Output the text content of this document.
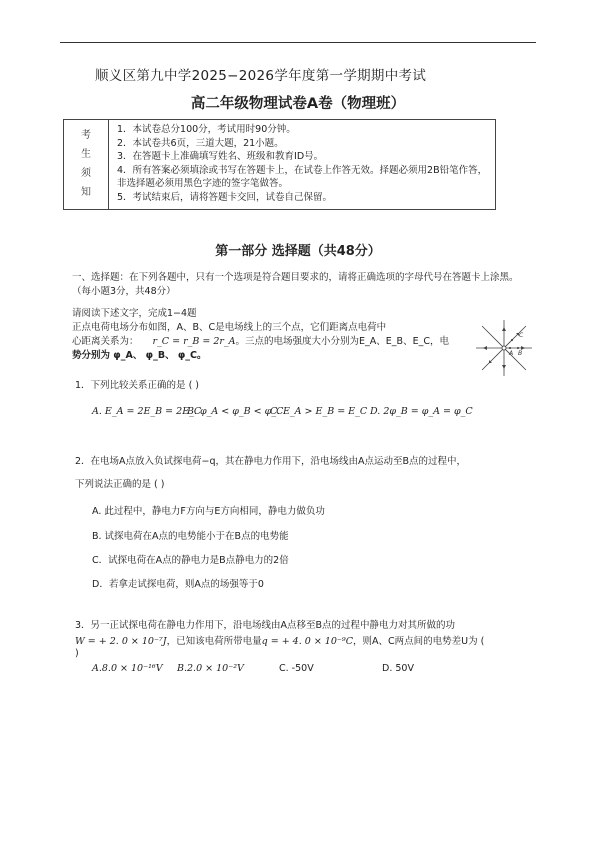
顺义区第九中学2025−2026学年度第一学期期中考试
高二年级物理试卷A卷（物理班）
考
生
须
知

1．本试卷总分100分，考试用时90分钟。
2．本试卷共6页，三道大题，21小题。
3．在答题卡上准确填写姓名、班级和教育ID号。
4．所有答案必须填涂或书写在答题卡上，在试卷上作答无效。择题必须用2B铅笔作答，非选择题必须用黑色字迹的签字笔做答。
5．考试结束后，请将答题卡交回，试卷自己保留。
第一部分 选择题（共48分）
一、选择题：在下列各题中，只有一个选项是符合题目要求的，请将正确选项的字母代号在答题卡上涂黑。（每小题3分，共48分）
请阅读下述文字，完成1−4题
正点电荷电场分布如图，A、B、C是电场线上的三个点，它们距离点电荷中
心距离关系为： r_C = r_B = 2r_A。三点的电场强度大小分别为E_A、E_B、E_C，电
势分别为 φ_A、 φ_B、 φ_C。
C
A B
1．下列比较关系正确的是 ( )
A. E_A = 2E_B = 2E_C
B. φ_A < φ_B < φ_C
C. E_A > E_B = E_C D. 2φ_B = φ_A = φ_C
2．在电场A点放入负试探电荷−q，其在静电力作用下，沿电场线由A点运动至B点的过程中，
下列说法正确的是 ( )
A. 此过程中，静电力F方向与E方向相同，静电力做负功
B. 试探电荷在A点的电势能小于在B点的电势能
C．试探电荷在A点的静电力是B点静电力的2倍
D．若拿走试探电荷，则A点的场强等于0
3．另一正试探电荷在静电力作用下，沿电场线由A点移至B点的过程中静电力对其所做的功
W = + 2. 0 × 10⁻⁷J，已知该电荷所带电量q = + 4. 0 × 10⁻⁹C，则A、C两点间的电势差U为 (
)
A.8.0 × 10⁻¹⁶V B.2.0 × 10⁻²V	C. -50V	D. 50V
